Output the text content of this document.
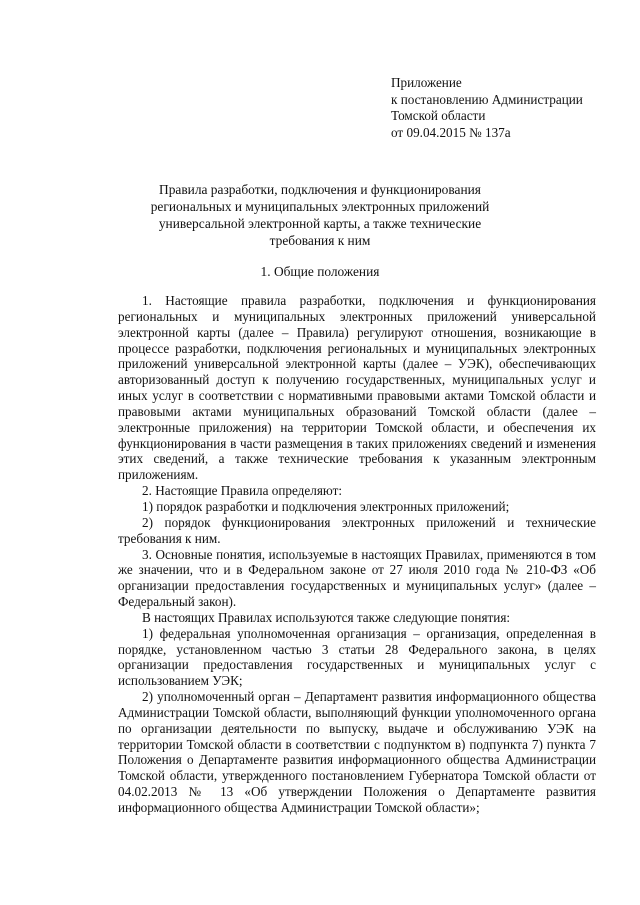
Приложение
к постановлению Администрации
Томской области
от 09.04.2015 № 137а
Правила разработки, подключения и функционирования
региональных и муниципальных электронных приложений
универсальной электронной карты, а также технические
требования к ним
1. Общие положения

1. Настоящие правила разработки, подключения и функционирования региональных и муниципальных электронных приложений универсальной электронной карты (далее – Правила) регулируют отношения, возникающие в процессе разработки, подключения региональных и муниципальных электронных приложений универсальной электронной карты (далее – УЭК), обеспечивающих авторизованный доступ к получению государственных, муниципальных услуг и иных услуг в соответствии с нормативными правовыми актами Томской области и правовыми актами муниципальных образований Томской области (далее – электронные приложения) на территории Томской области, и обеспечения их функционирования в части размещения в таких приложениях сведений и изменения этих сведений, а также технические требования к указанным электронным приложениям.

2. Настоящие Правила определяют:

1) порядок разработки и подключения электронных приложений;

2) порядок функционирования электронных приложений и технические требования к ним.

3. Основные понятия, используемые в настоящих Правилах, применяются в том же значении, что и в Федеральном законе от 27 июля 2010 года № 210-ФЗ «Об организации предоставления государственных и муниципальных услуг» (далее – Федеральный закон).

В настоящих Правилах используются также следующие понятия:

1) федеральная уполномоченная организация – организация, определенная в порядке, установленном частью 3 статьи 28 Федерального закона, в целях организации предоставления государственных и муниципальных услуг с использованием УЭК;

2) уполномоченный орган – Департамент развития информационного общества Администрации Томской области, выполняющий функции уполномоченного органа по организации деятельности по выпуску, выдаче и обслуживанию УЭК на территории Томской области в соответствии с подпунктом в) подпункта 7) пункта 7 Положения о Департаменте развития информационного общества Администрации Томской области, утвержденного постановлением Губернатора Томской области от 04.02.2013 № 13 «Об утверждении Положения о Департаменте развития информационного общества Администрации Томской области»;
